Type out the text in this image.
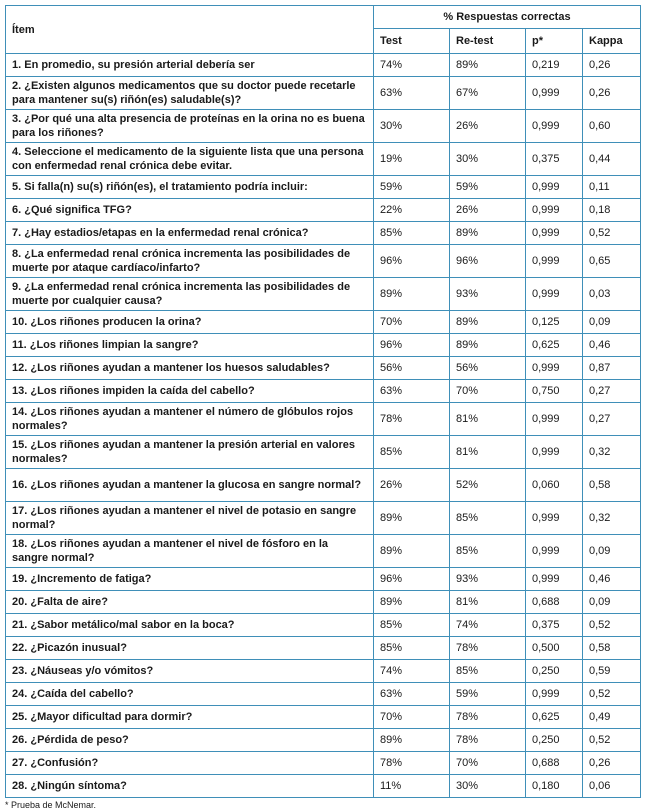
Ítem	% Respuestas correctas			
	Test	Re-test	p*	Kappa
1. En promedio, su presión arterial debería ser	74%	89%	0,219	0,26
2. ¿Existen algunos medicamentos que su doctor puede recetarle para mantener su(s) riñón(es) saludable(s)?	63%	67%	0,999	0,26
3. ¿Por qué una alta presencia de proteínas en la orina no es buena para los riñones?	30%	26%	0,999	0,60
4. Seleccione el medicamento de la siguiente lista que una persona con enfermedad renal crónica debe evitar.	19%	30%	0,375	0,44
5. Si falla(n) su(s) riñón(es), el tratamiento podría incluir:	59%	59%	0,999	0,11
6. ¿Qué significa TFG?	22%	26%	0,999	0,18
7. ¿Hay estadios/etapas en la enfermedad renal crónica?	85%	89%	0,999	0,52
8. ¿La enfermedad renal crónica incrementa las posibilidades de muerte por ataque cardíaco/infarto?	96%	96%	0,999	0,65
9. ¿La enfermedad renal crónica incrementa las posibilidades de muerte por cualquier causa?	89%	93%	0,999	0,03
10. ¿Los riñones producen la orina?	70%	89%	0,125	0,09
11. ¿Los riñones limpian la sangre?	96%	89%	0,625	0,46
12. ¿Los riñones ayudan a mantener los huesos saludables?	56%	56%	0,999	0,87
13. ¿Los riñones impiden la caída del cabello?	63%	70%	0,750	0,27
14. ¿Los riñones ayudan a mantener el número de glóbulos rojos normales?	78%	81%	0,999	0,27
15. ¿Los riñones ayudan a mantener la presión arterial en valores normales?	85%	81%	0,999	0,32
16. ¿Los riñones ayudan a mantener la glucosa en sangre normal?	26%	52%	0,060	0,58
17. ¿Los riñones ayudan a mantener el nivel de potasio en sangre normal?	89%	85%	0,999	0,32
18. ¿Los riñones ayudan a mantener el nivel de fósforo en la sangre normal?	89%	85%	0,999	0,09
19. ¿Incremento de fatiga?	96%	93%	0,999	0,46
20. ¿Falta de aire?	89%	81%	0,688	0,09
21. ¿Sabor metálico/mal sabor en la boca?	85%	74%	0,375	0,52
22. ¿Picazón inusual?	85%	78%	0,500	0,58
23. ¿Náuseas y/o vómitos?	74%	85%	0,250	0,59
24. ¿Caída del cabello?	63%	59%	0,999	0,52
25. ¿Mayor dificultad para dormir?	70%	78%	0,625	0,49
26. ¿Pérdida de peso?	89%	78%	0,250	0,52
27. ¿Confusión?	78%	70%	0,688	0,26
28. ¿Ningún síntoma?	11%	30%	0,180	0,06
* Prueba de McNemar.
